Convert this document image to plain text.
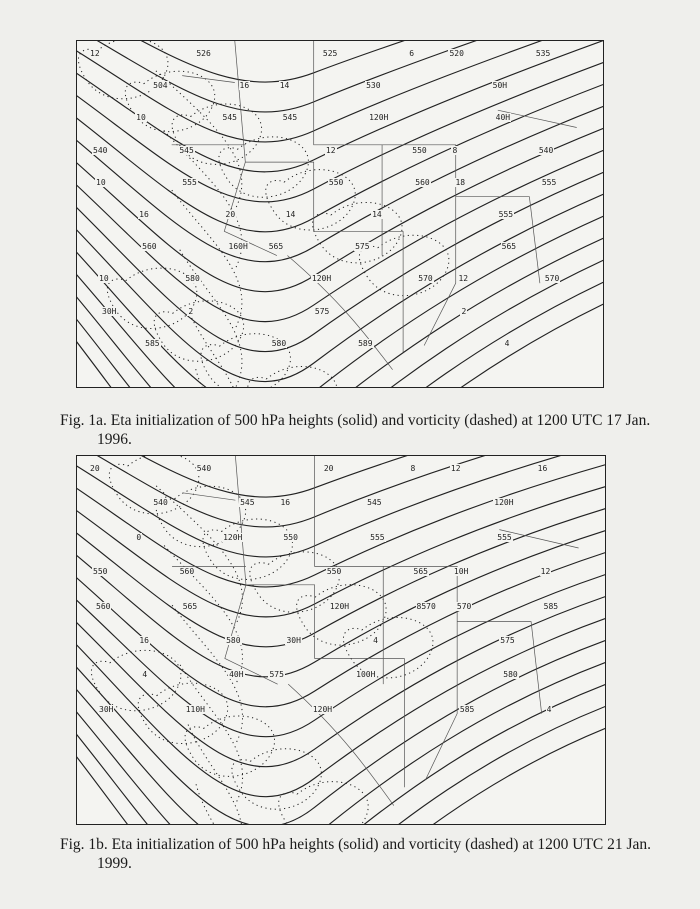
12
14
520
504
525
50H
526
530
535
16
6
540
545
8
10
12
40H
545
120H
540
545
550
10
14
18
16
550
555
555
14
555
20
560
10
565
12
560
120H
565
580
575
570
160H
570
30H
580
2
585
575
4
2
589
Fig. 1a. Eta initialization of 500 hPa heights (solid) and vorticity (dashed) at 1200 UTC 17 Jan.
1996.
20
16
12
540
20
120H
540
545
16
545
8
550
550
10H
0
550
555
560
555
12
120H
565
560
30H
570
16
120H
575
565
4
585
580
8570
30H
575
585
4
120H
580
110H
100H
4
40H
Fig. 1b. Eta initialization of 500 hPa heights (solid) and vorticity (dashed) at 1200 UTC 21 Jan.
1999.
